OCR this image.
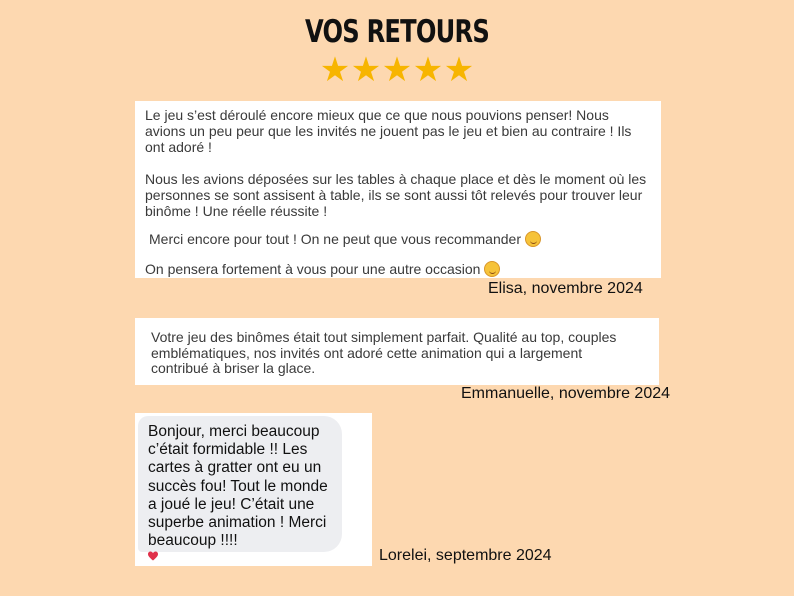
VOS RETOURS
★★★★★

Le jeu s’est déroulé encore mieux que ce que nous pouvions penser! Nous avions un peu peur que les invités ne jouent pas le jeu et bien au contraire ! Ils ont adoré !

Nous les avions déposées sur les tables à chaque place et dès le moment où les personnes se sont assisent à table, ils se sont aussi tôt relevés pour trouver leur binôme ! Une réelle réussite !

Merci encore pour tout ! On ne peut que vous recommander

On pensera fortement à vous pour une autre occasion

Elisa, novembre 2024
Votre jeu des binômes était tout simplement parfait. Qualité au top, couples emblématiques, nos invités ont adoré cette animation qui a largement contribué à briser la glace.
Emmanuelle, novembre 2024
Bonjour, merci beaucoup c’était formidable !! Les cartes à gratter ont eu un succès fou! Tout le monde a joué le jeu! C’était une superbe animation ! Merci beaucoup !!!!
Lorelei, septembre 2024
